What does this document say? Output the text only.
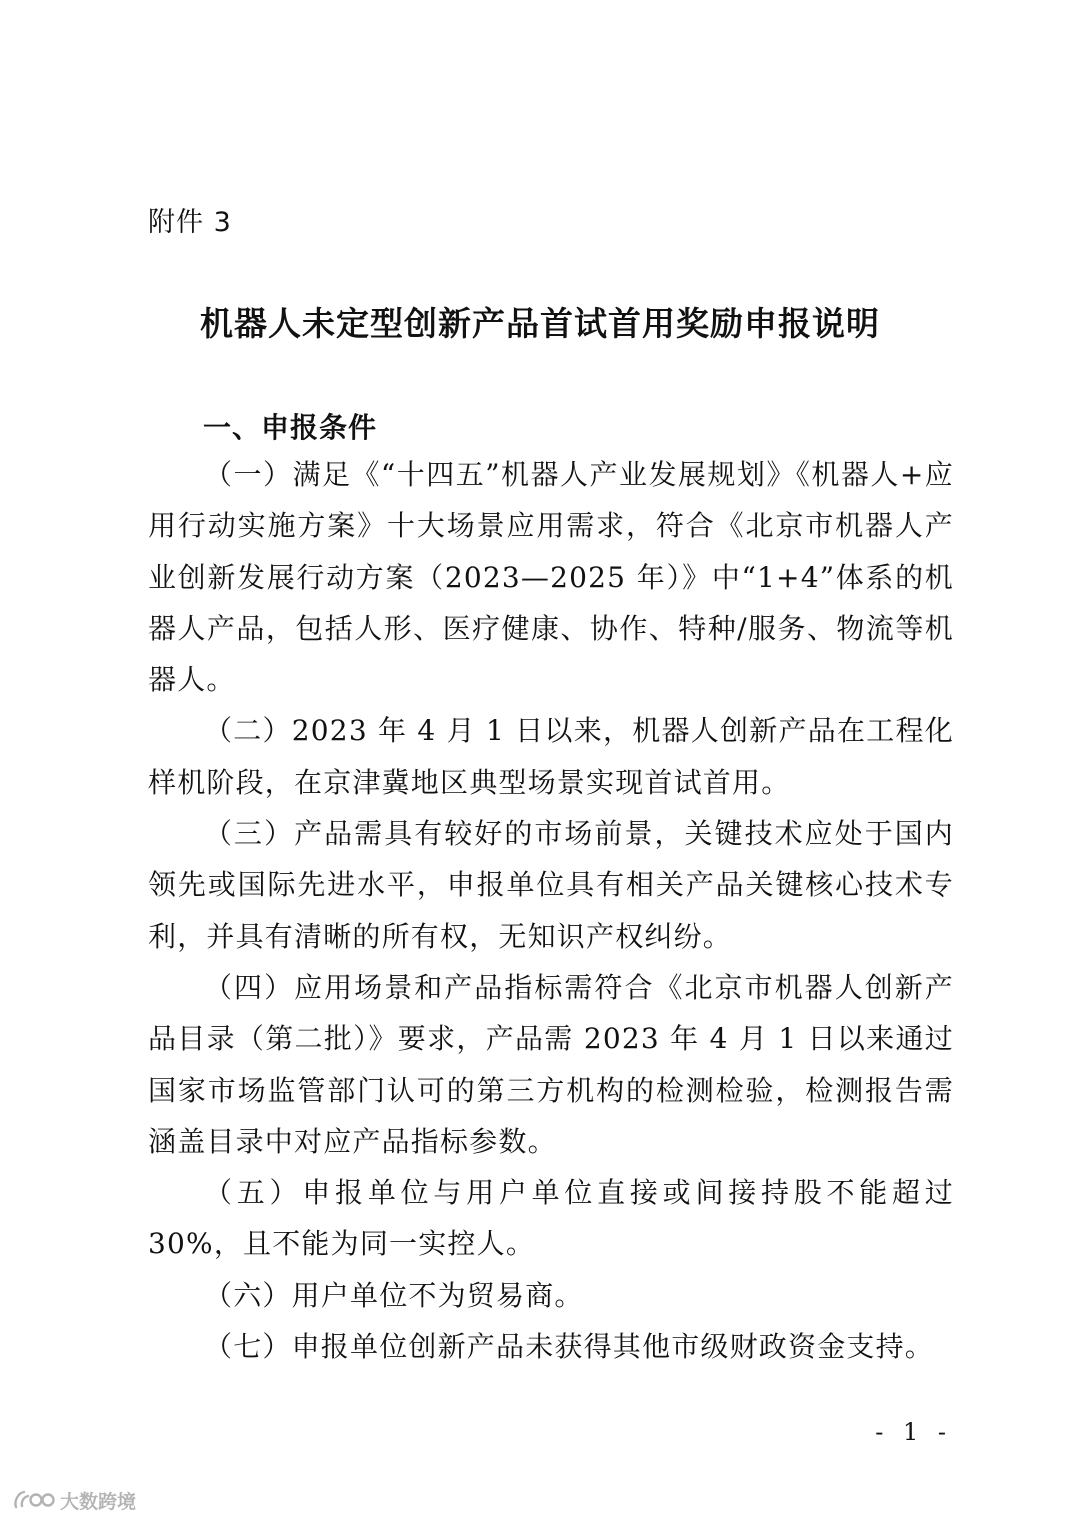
附件 3
机器人未定型创新产品首试首用奖励申报说明
一、申报条件

（一）满足《“十四五”机器人产业发展规划》《机器人+应用行动实施方案》十大场景应用需求，符合《北京市机器人产业创新发展行动方案（2023—2025 年）》中“1+4”体系的机器人产品，包括人形、医疗健康、协作、特种/服务、物流等机器人。

（二）2023 年 4 月 1 日以来，机器人创新产品在工程化样机阶段，在京津冀地区典型场景实现首试首用。

（三）产品需具有较好的市场前景，关键技术应处于国内领先或国际先进水平，申报单位具有相关产品关键核心技术专利，并具有清晰的所有权，无知识产权纠纷。

（四）应用场景和产品指标需符合《北京市机器人创新产品目录（第二批）》要求，产品需 2023 年 4 月 1 日以来通过国家市场监管部门认可的第三方机构的检测检验，检测报告需涵盖目录中对应产品指标参数。

（五）申报单位与用户单位直接或间接持股不能超过 30%，且不能为同一实控人。

（六）用户单位不为贸易商。

（七）申报单位创新产品未获得其他市级财政资金支持。

- 1 -
大数跨境
